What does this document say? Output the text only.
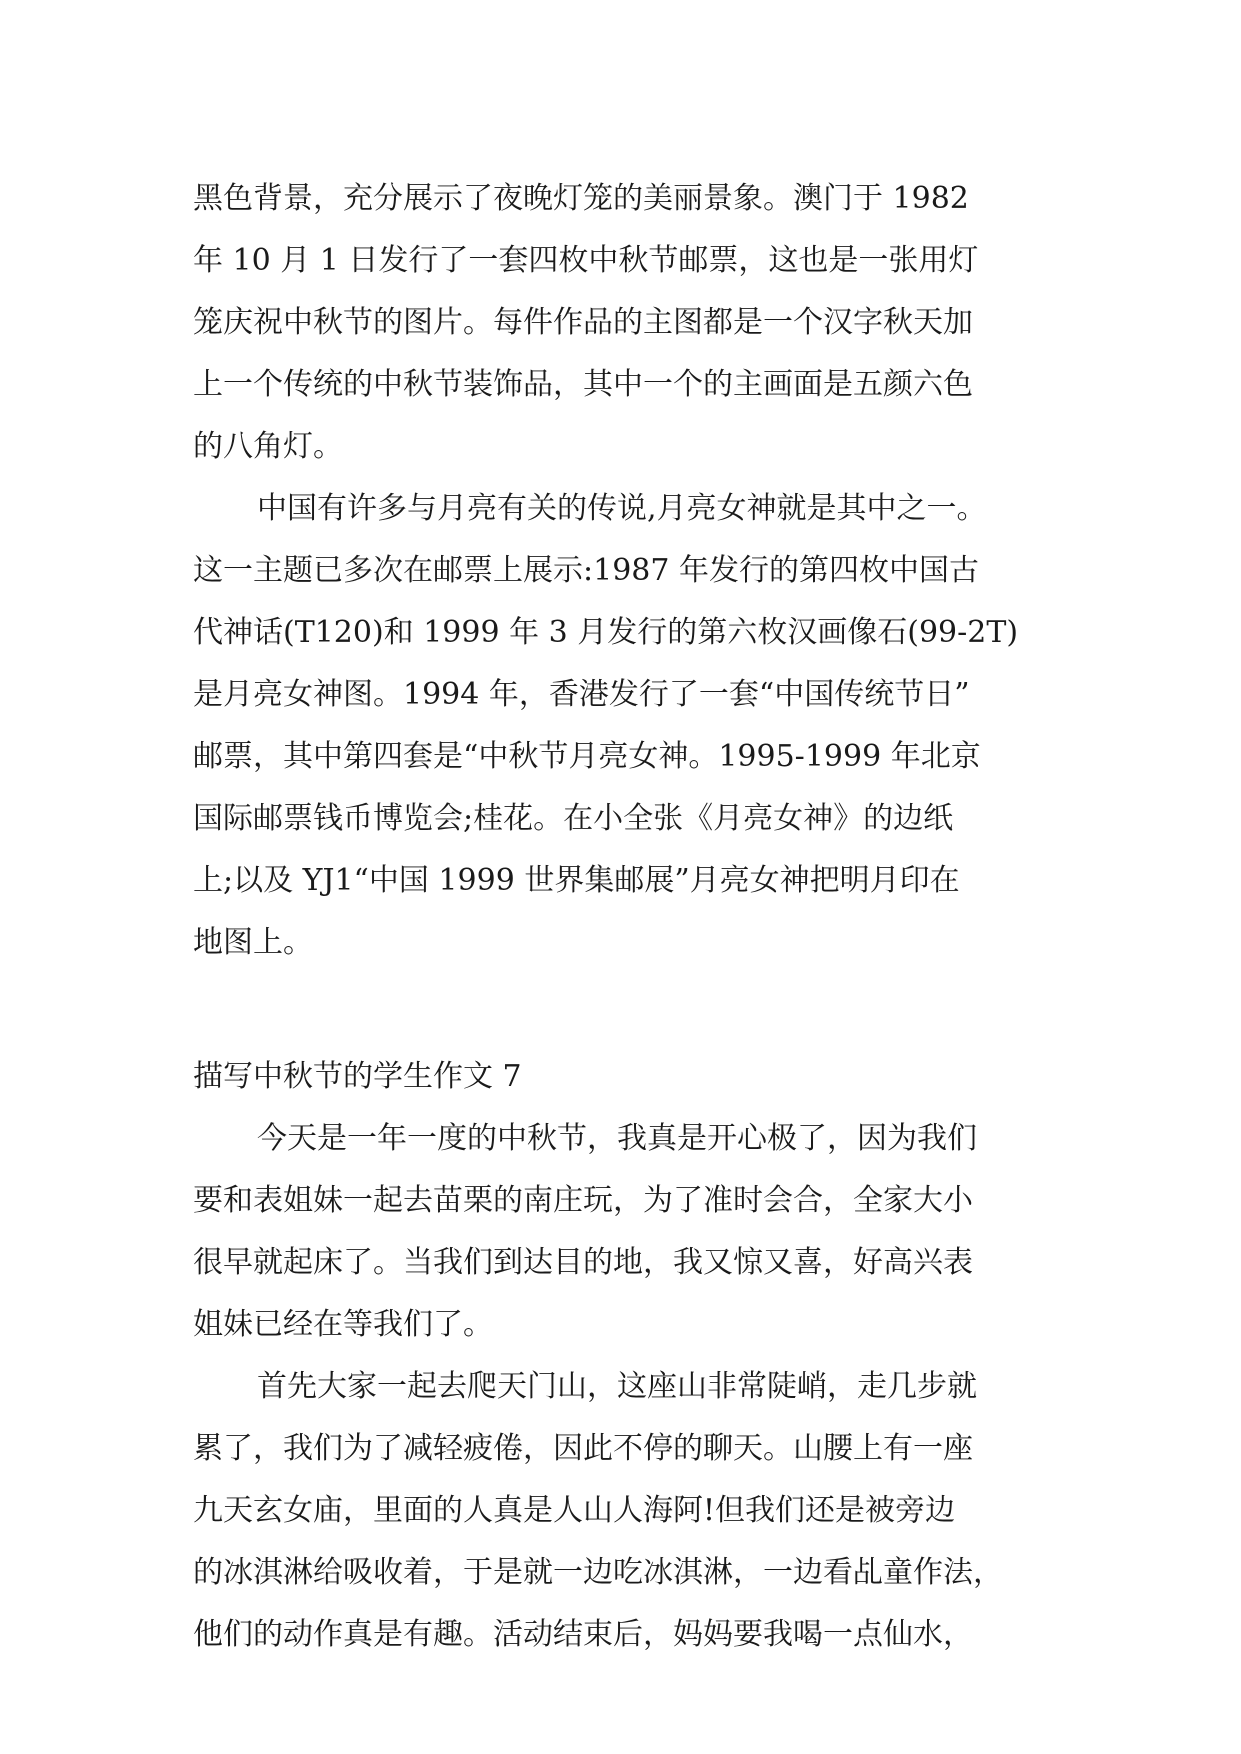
黑色背景，充分展示了夜晚灯笼的美丽景象。澳门于 1982
年 10 月 1 日发行了一套四枚中秋节邮票，这也是一张用灯
笼庆祝中秋节的图片。每件作品的主图都是一个汉字秋天加
上一个传统的中秋节装饰品，其中一个的主画面是五颜六色
的八角灯。
中国有许多与月亮有关的传说,月亮女神就是其中之一。
这一主题已多次在邮票上展示:1987 年发行的第四枚中国古
代神话(T120)和 1999 年 3 月发行的第六枚汉画像石(99-2T)
是月亮女神图。1994 年，香港发行了一套“中国传统节日”
邮票，其中第四套是“中秋节月亮女神。1995-1999 年北京
国际邮票钱币博览会;桂花。在小全张《月亮女神》的边纸
上;以及 YJ1“中国 1999 世界集邮展”月亮女神把明月印在
地图上。
描写中秋节的学生作文 7
今天是一年一度的中秋节，我真是开心极了，因为我们
要和表姐妹一起去苗栗的南庄玩，为了准时会合，全家大小
很早就起床了。当我们到达目的地，我又惊又喜，好高兴表
姐妹已经在等我们了。
首先大家一起去爬天门山，这座山非常陡峭，走几步就
累了，我们为了减轻疲倦，因此不停的聊天。山腰上有一座
九天玄女庙，里面的人真是人山人海阿!但我们还是被旁边
的冰淇淋给吸收着，于是就一边吃冰淇淋，一边看乩童作法，
他们的动作真是有趣。活动结束后，妈妈要我喝一点仙水，
